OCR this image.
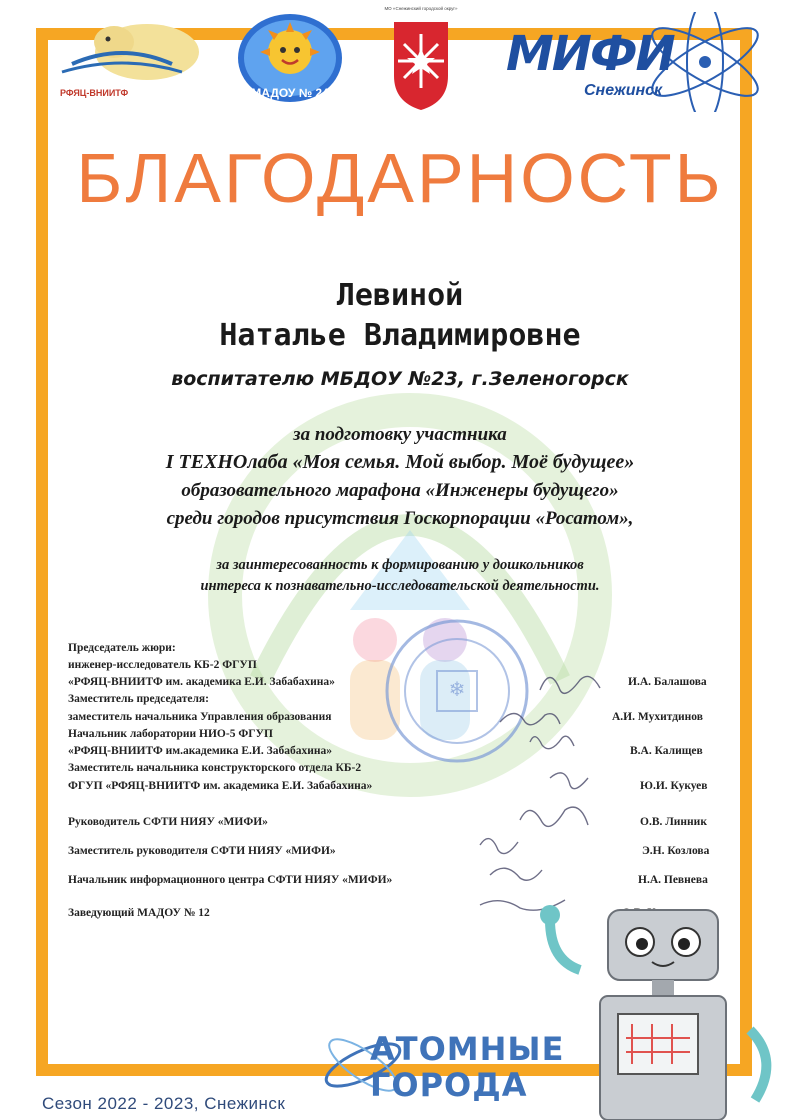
❄
РФЯЦ-ВНИИТФ	МАДОУ № 24
МО «Снежинский городской округ»
МИФИ
Снежинск
БЛАГОДАРНОСТЬ
Левиной
Наталье Владимировне
воспитателю МБДОУ №23, г.Зеленогорск
за подготовку участника
I ТЕХНОлаба «Моя семья. Мой выбор. Моё будущее»
образовательного марафона «Инженеры будущего»
среди городов присутствия Госкорпорации «Росатом»,
за заинтересованность к формированию у дошкольников
интереса к познавательно-исследовательской деятельности.
Председатель жюри:
инженер-исследователь КБ-2 ФГУП
«РФЯЦ-ВНИИТФ им. академика Е.И. Забабахина»	И.А. Балашова
Заместитель председателя:
заместитель начальника Управления образования	А.И. Мухитдинов
Начальник лаборатории НИО-5 ФГУП
«РФЯЦ-ВНИИТФ им.академика Е.И. Забабахина»	В.А. Калищев
Заместитель начальника конструкторского отдела КБ-2
ФГУП «РФЯЦ-ВНИИТФ им. академика Е.И. Забабахина»	Ю.И. Кукуев
Руководитель СФТИ НИЯУ «МИФИ»	О.В. Линник
Заместитель руководителя СФТИ НИЯУ «МИФИ»	Э.Н. Козлова
Начальник информационного центра СФТИ НИЯУ «МИФИ»	Н.А. Певнева
Заведующий МАДОУ № 12
АТОМНЫЕ
ГОРОДА
Сезон 2022 - 2023, Снежинск
